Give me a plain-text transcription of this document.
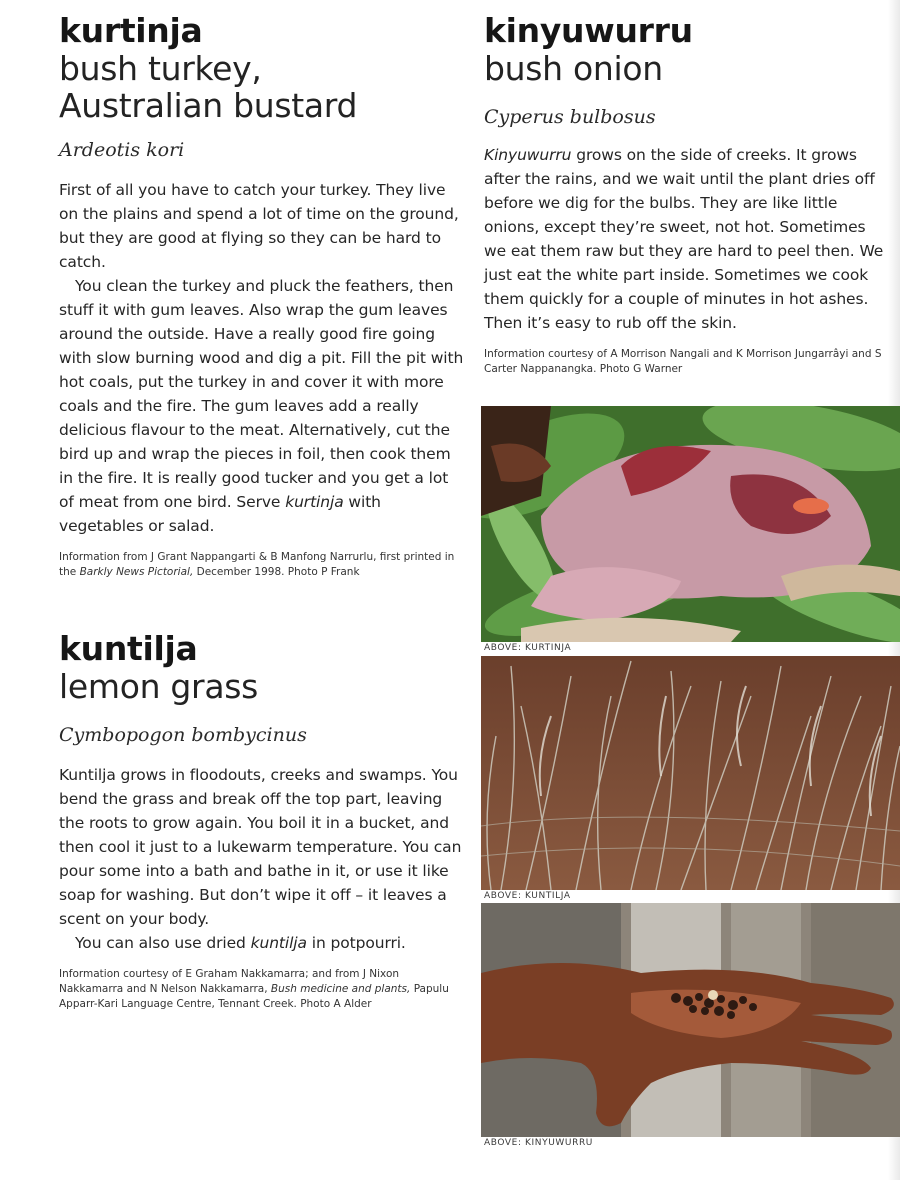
kurtinja
bush turkey,
Australian bustard
Ardeotis kori

First of all you have to catch your turkey. They live on the plains and spend a lot of time on the ground, but they are good at flying so they can be hard to catch.

You clean the turkey and pluck the feathers, then stuff it with gum leaves. Also wrap the gum leaves around the outside. Have a really good fire going with slow burning wood and dig a pit. Fill the pit with hot coals, put the turkey in and cover it with more coals and the fire. The gum leaves add a really delicious flavour to the meat. Alternatively, cut the bird up and wrap the pieces in foil, then cook them in the fire. It is really good tucker and you get a lot of meat from one bird. Serve kurtinja with vegetables or salad.

Information from J Grant Nappangarti & B Manfong Narrurlu, first printed in the Barkly News Pictorial, December 1998. Photo P Frank

kuntilja
lemon grass
Cymbopogon bombycinus

Kuntilja grows in floodouts, creeks and swamps. You bend the grass and break off the top part, leaving the roots to grow again. You boil it in a bucket, and then cool it just to a lukewarm temperature. You can pour some into a bath and bathe in it, or use it like soap for washing. But don’t wipe it off – it leaves a scent on your body.

You can also use dried kuntilja in potpourri.

Information courtesy of E Graham Nakkamarra; and from J Nixon Nakkamarra and N Nelson Nakkamarra, Bush medicine and plants, Papulu Apparr-Kari Language Centre, Tennant Creek. Photo A Alder

kinyuwurru
bush onion
Cyperus bulbosus

Kinyuwurru grows on the side of creeks. It grows after the rains, and we wait until the plant dries off before we dig for the bulbs. They are like little onions, except they’re sweet, not hot. Sometimes we eat them raw but they are hard to peel then. We just eat the white part inside. Sometimes we cook them quickly for a couple of minutes in hot ashes. Then it’s easy to rub off the skin.

Information courtesy of A Morrison Nangali and K Morrison Jungarrâyi and S Carter Nappanangka. Photo G Warner

ABOVE: KURTINJA
ABOVE: KUNTILJA
ABOVE: KINYUWURRU
